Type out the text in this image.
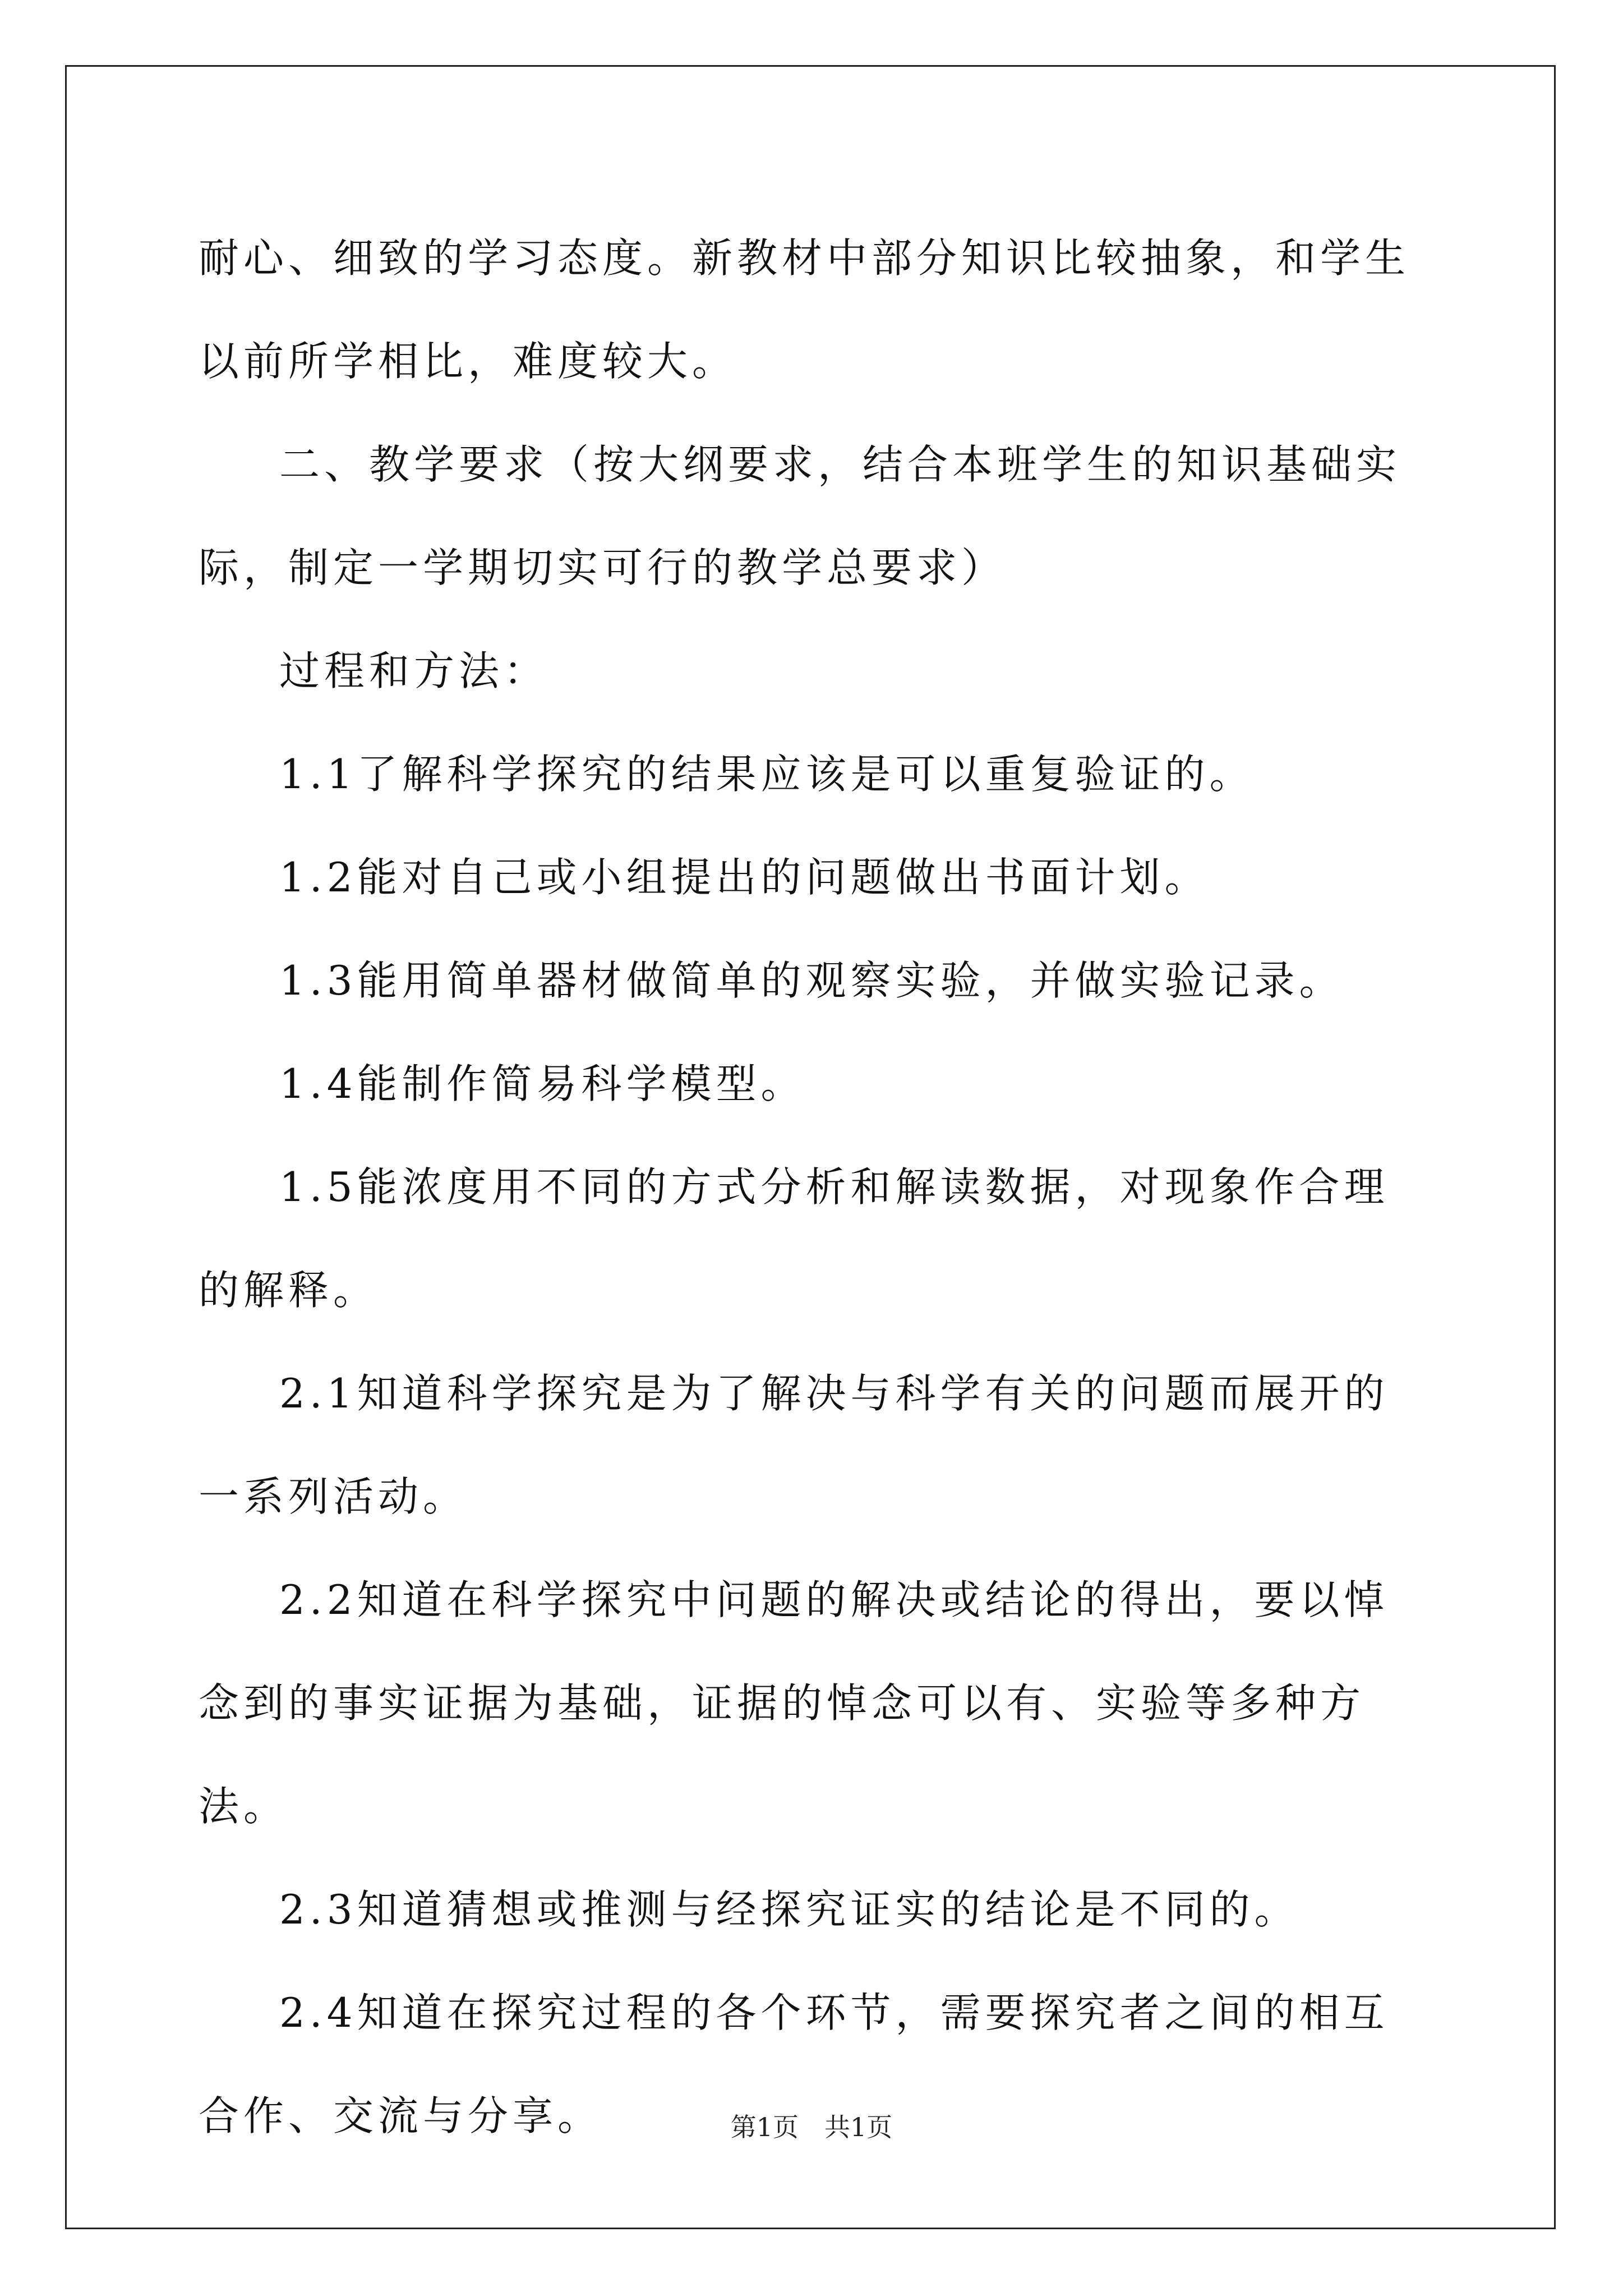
耐心、细致的学习态度。新教材中部分知识比较抽象，和学生以前所学相比，难度较大。

二、教学要求（按大纲要求，结合本班学生的知识基础实际，制定一学期切实可行的教学总要求）

过程和方法：

1.1了解科学探究的结果应该是可以重复验证的。

1.2能对自己或小组提出的问题做出书面计划。

1.3能用简单器材做简单的观察实验，并做实验记录。

1.4能制作简易科学模型。

1.5能浓度用不同的方式分析和解读数据，对现象作合理的解释。

2.1知道科学探究是为了解决与科学有关的问题而展开的一系列活动。

2.2知道在科学探究中问题的解决或结论的得出，要以悼念到的事实证据为基础，证据的悼念可以有、实验等多种方法。

2.3知道猜想或推测与经探究证实的结论是不同的。

2.4知道在探究过程的各个环节，需要探究者之间的相互合作、交流与分享。	第1页　共1页
